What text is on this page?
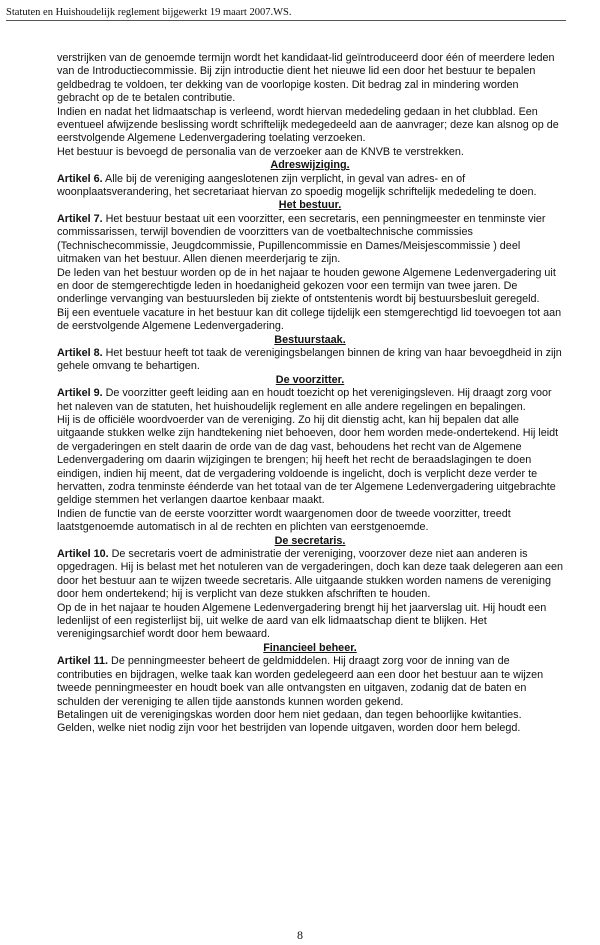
Statuten en Huishoudelijk reglement bijgewerkt 19 maart 2007.WS.

verstrijken van de genoemde termijn wordt het kandidaat-lid geïntroduceerd door één of meerdere leden van de Introductiecommissie. Bij zijn introductie dient het nieuwe lid een door het bestuur te bepalen geldbedrag te voldoen, ter dekking van de voorlopige kosten. Dit bedrag zal in mindering worden gebracht op de te betalen contributie.

Indien en nadat het lidmaatschap is verleend, wordt hiervan mededeling gedaan in het clubblad. Een eventueel afwijzende beslissing wordt schriftelijk medegedeeld aan de aanvrager; deze kan alsnog op de eerstvolgende Algemene Ledenvergadering toelating verzoeken.

Het bestuur is bevoegd de personalia van de verzoeker aan de KNVB te verstrekken.

Adreswijziging.

Artikel 6. Alle bij de vereniging aangeslotenen zijn verplicht, in geval van adres- en of woonplaatsverandering, het secretariaat hiervan zo spoedig mogelijk schriftelijk mededeling te doen.

Het bestuur.

Artikel 7. Het bestuur bestaat uit een voorzitter, een secretaris, een penningmeester en tenminste vier commissarissen, terwijl bovendien de voorzitters van de voetbaltechnische commissies (Technischecommissie, Jeugdcommissie, Pupillencommissie en Dames/Meisjescommissie ) deel uitmaken van het bestuur. Allen dienen meerderjarig te zijn.

De leden van het bestuur worden op de in het najaar te houden gewone Algemene Ledenvergadering uit en door de stemgerechtigde leden in hoedanigheid gekozen voor een termijn van twee jaren. De onderlinge vervanging van bestuursleden bij ziekte of ontstentenis wordt bij bestuursbesluit geregeld.

Bij een eventuele vacature in het bestuur kan dit college tijdelijk een stemgerechtigd lid toevoegen tot aan de eerstvolgende Algemene Ledenvergadering.

Bestuurstaak.

Artikel 8. Het bestuur heeft tot taak de verenigingsbelangen binnen de kring van haar bevoegdheid in zijn gehele omvang te behartigen.

De voorzitter.

Artikel 9. De voorzitter geeft leiding aan en houdt toezicht op het verenigingsleven. Hij draagt zorg voor het naleven van de statuten, het huishoudelijk reglement en alle andere regelingen en bepalingen.

Hij is de officiële woordvoerder van de vereniging. Zo hij dit dienstig acht, kan hij bepalen dat alle uitgaande stukken welke zijn handtekening niet behoeven, door hem worden mede-ondertekend. Hij leidt de vergaderingen en stelt daarin de orde van de dag vast, behoudens het recht van de Algemene Ledenvergadering om daarin wijzigingen te brengen; hij heeft het recht de beraadslagingen te doen eindigen, indien hij meent, dat de vergadering voldoende is ingelicht, doch is verplicht deze verder te hervatten, zodra tenminste éénderde van het totaal van de ter Algemene Ledenvergadering uitgebrachte geldige stemmen het verlangen daartoe kenbaar maakt.

Indien de functie van de eerste voorzitter wordt waargenomen door de tweede voorzitter, treedt laatstgenoemde automatisch in al de rechten en plichten van eerstgenoemde.

De secretaris.

Artikel 10. De secretaris voert de administratie der vereniging, voorzover deze niet aan anderen is opgedragen. Hij is belast met het notuleren van de vergaderingen, doch kan deze taak delegeren aan een door het bestuur aan te wijzen tweede secretaris. Alle uitgaande stukken worden namens de vereniging door hem ondertekend; hij is verplicht van deze stukken afschriften te houden.

Op de in het najaar te houden Algemene Ledenvergadering brengt hij het jaarverslag uit. Hij houdt een ledenlijst of een registerlijst bij, uit welke de aard van elk lidmaatschap dient te blijken. Het verenigingsarchief wordt door hem bewaard.

Financieel beheer.

Artikel 11. De penningmeester beheert de geldmiddelen. Hij draagt zorg voor de inning van de contributies en bijdragen, welke taak kan worden gedelegeerd aan een door het bestuur aan te wijzen tweede penningmeester en houdt boek van alle ontvangsten en uitgaven, zodanig dat de baten en schulden der vereniging te allen tijde aanstonds kunnen worden gekend.

Betalingen uit de verenigingskas worden door hem niet gedaan, dan tegen behoorlijke kwitanties.

Gelden, welke niet nodig zijn voor het bestrijden van lopende uitgaven, worden door hem belegd.

8
